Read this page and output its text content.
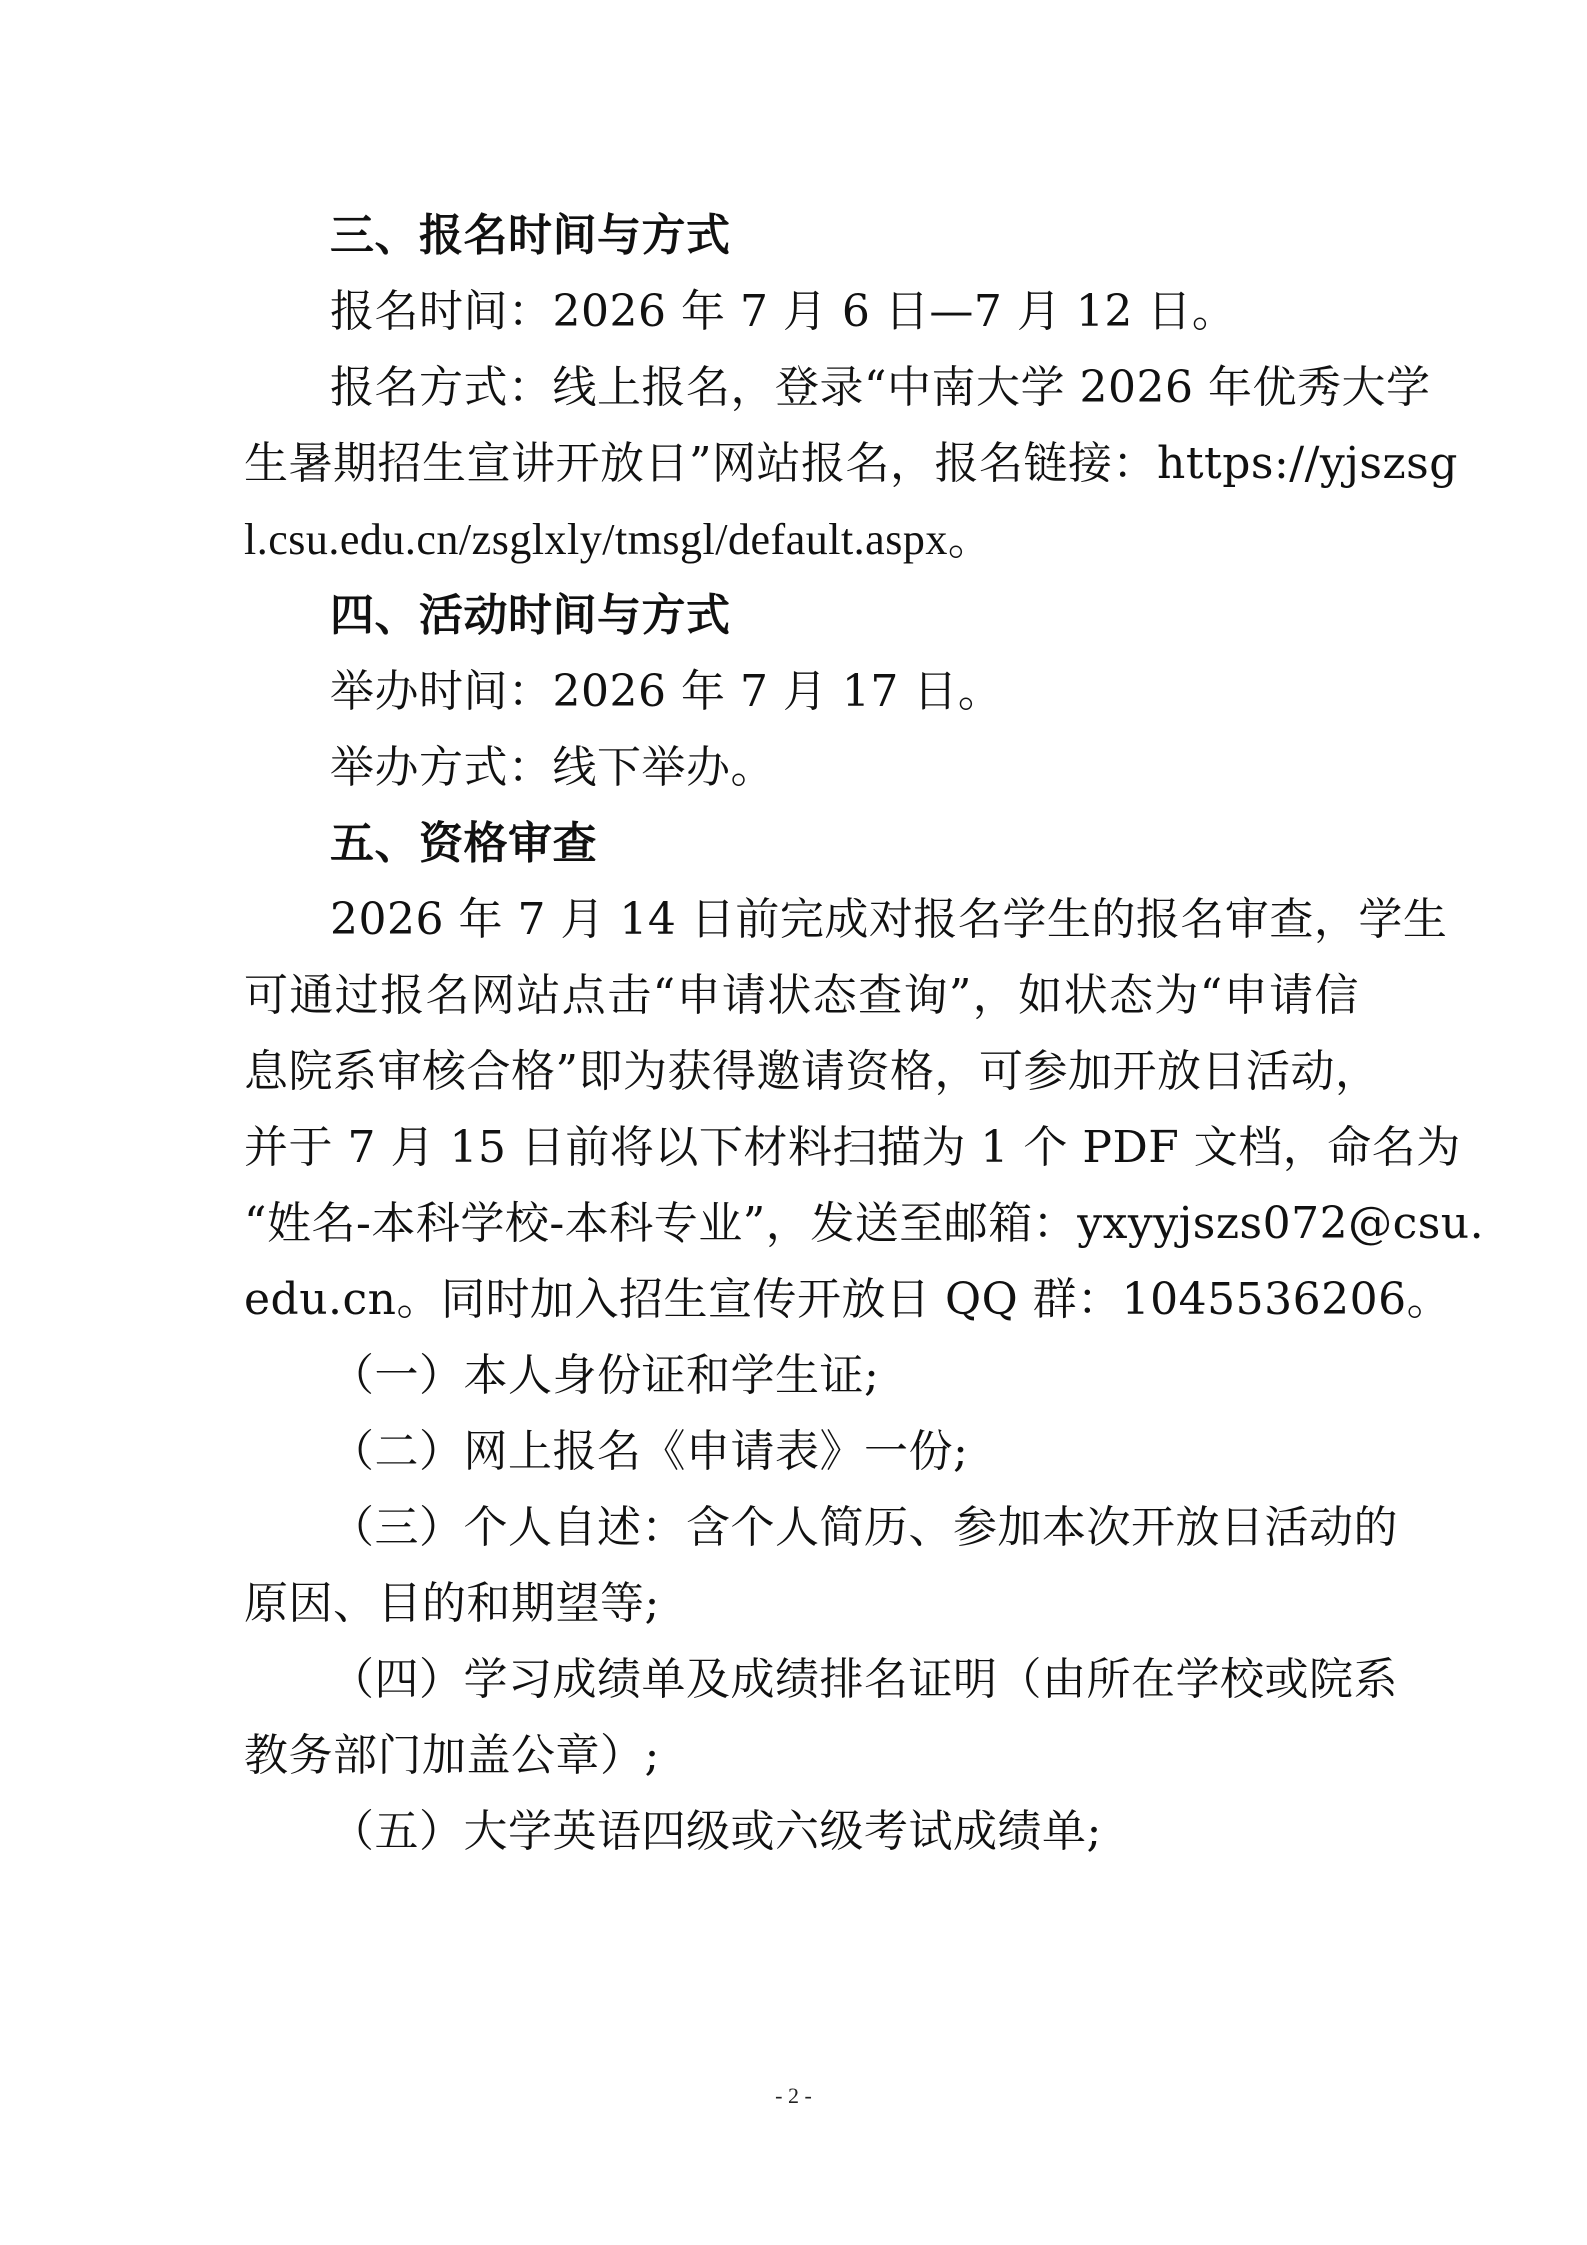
三、报名时间与方式
报名时间：2026 年 7 月 6 日—7 月 12 日。
报名方式：线上报名，登录“中南大学 2026 年优秀大学
生暑期招生宣讲开放日”网站报名，报名链接：https://yjszsg
l.csu.edu.cn/zsglxly/tmsgl/default.aspx。
四、活动时间与方式
举办时间：2026 年 7 月 17 日。
举办方式：线下举办。
五、资格审查
2026 年 7 月 14 日前完成对报名学生的报名审查，学生
可通过报名网站点击“申请状态查询”，如状态为“申请信
息院系审核合格”即为获得邀请资格，可参加开放日活动，
并于 7 月 15 日前将以下材料扫描为 1 个 PDF 文档，命名为
“姓名-本科学校-本科专业”，发送至邮箱：yxyyjszs072@csu.
edu.cn。同时加入招生宣传开放日 QQ 群：1045536206。
（一）本人身份证和学生证;
（二）网上报名《申请表》一份;
（三）个人自述：含个人简历、参加本次开放日活动的
原因、目的和期望等;
（四）学习成绩单及成绩排名证明（由所在学校或院系
教务部门加盖公章）;
（五）大学英语四级或六级考试成绩单;
- 2 -
